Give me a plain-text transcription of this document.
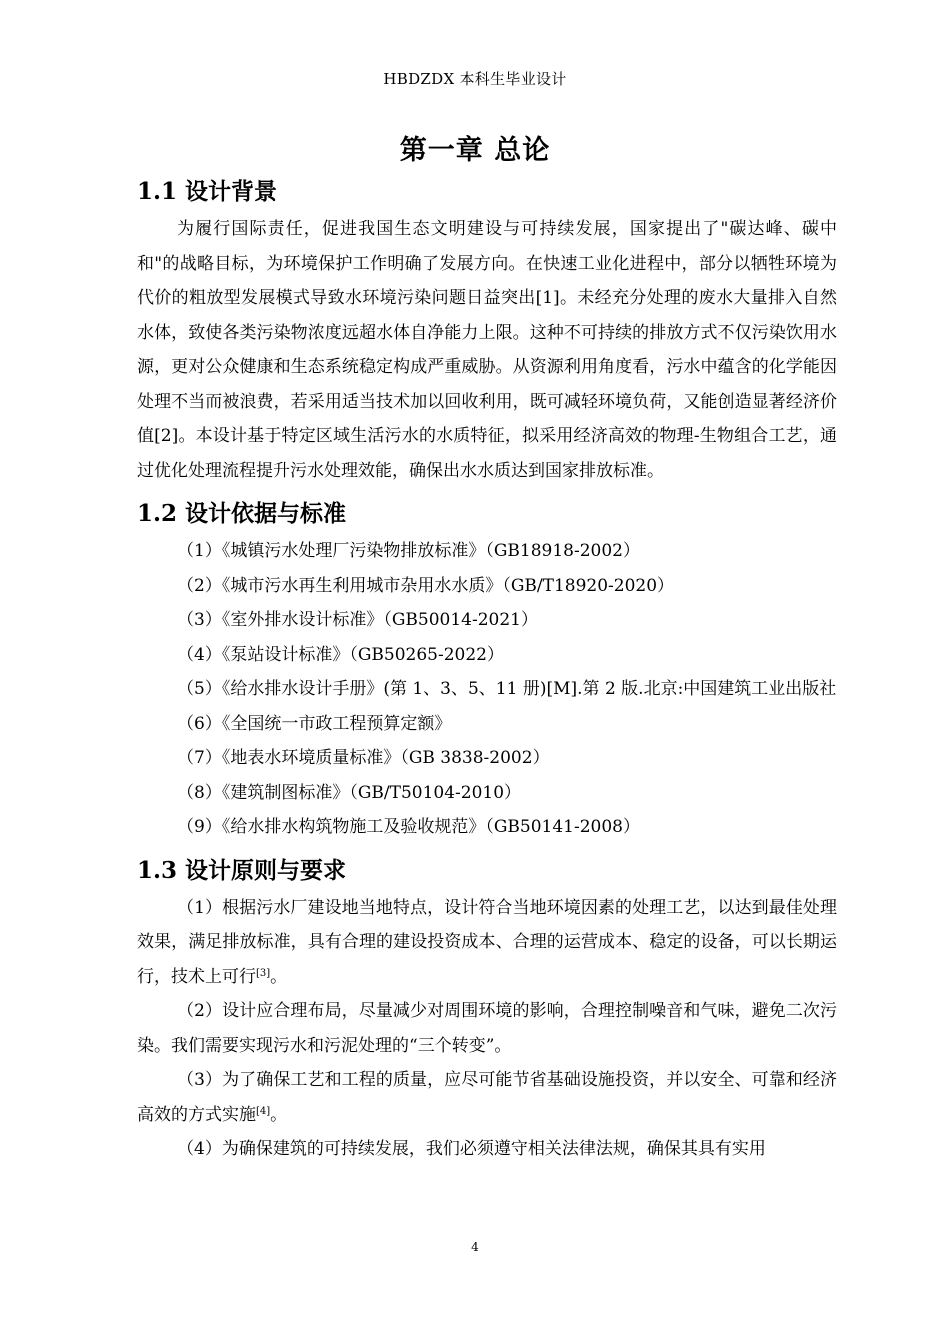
HBDZDX 本科生毕业设计
第一章 总论
1.1 设计背景

为履行国际责任，促进我国生态文明建设与可持续发展，国家提出了"碳达峰、碳中和"的战略目标，为环境保护工作明确了发展方向。在快速工业化进程中，部分以牺牲环境为代价的粗放型发展模式导致水环境污染问题日益突出[1]。未经充分处理的废水大量排入自然水体，致使各类污染物浓度远超水体自净能力上限。这种不可持续的排放方式不仅污染饮用水源，更对公众健康和生态系统稳定构成严重威胁。从资源利用角度看，污水中蕴含的化学能因处理不当而被浪费，若采用适当技术加以回收利用，既可减轻环境负荷，又能创造显著经济价值[2]。本设计基于特定区域生活污水的水质特征，拟采用经济高效的物理-生物组合工艺，通过优化处理流程提升污水处理效能，确保出水水质达到国家排放标准。

1.2 设计依据与标准

（1）《城镇污水处理厂污染物排放标准》（GB18918-2002）

（2）《城市污水再生利用城市杂用水水质》（GB/T18920-2020）

（3）《室外排水设计标准》（GB50014-2021）

（4）《泵站设计标准》（GB50265-2022）

（5）《给水排水设计手册》(第 1、3、5、11 册)[M].第 2 版.北京:中国建筑工业出版社

（6）《全国统一市政工程预算定额》

（7）《地表水环境质量标准》（GB 3838-2002）

（8）《建筑制图标准》（GB/T50104-2010）

（9）《给水排水构筑物施工及验收规范》（GB50141-2008）

1.3 设计原则与要求

（1）根据污水厂建设地当地特点，设计符合当地环境因素的处理工艺，以达到最佳处理效果，满足排放标准，具有合理的建设投资成本、合理的运营成本、稳定的设备，可以长期运行，技术上可行[3]。

（2）设计应合理布局，尽量减少对周围环境的影响，合理控制噪音和气味，避免二次污染。我们需要实现污水和污泥处理的“三个转变”。

（3）为了确保工艺和工程的质量，应尽可能节省基础设施投资，并以安全、可靠和经济高效的方式实施[4]。

（4）为确保建筑的可持续发展，我们必须遵守相关法律法规，确保其具有实用

4
